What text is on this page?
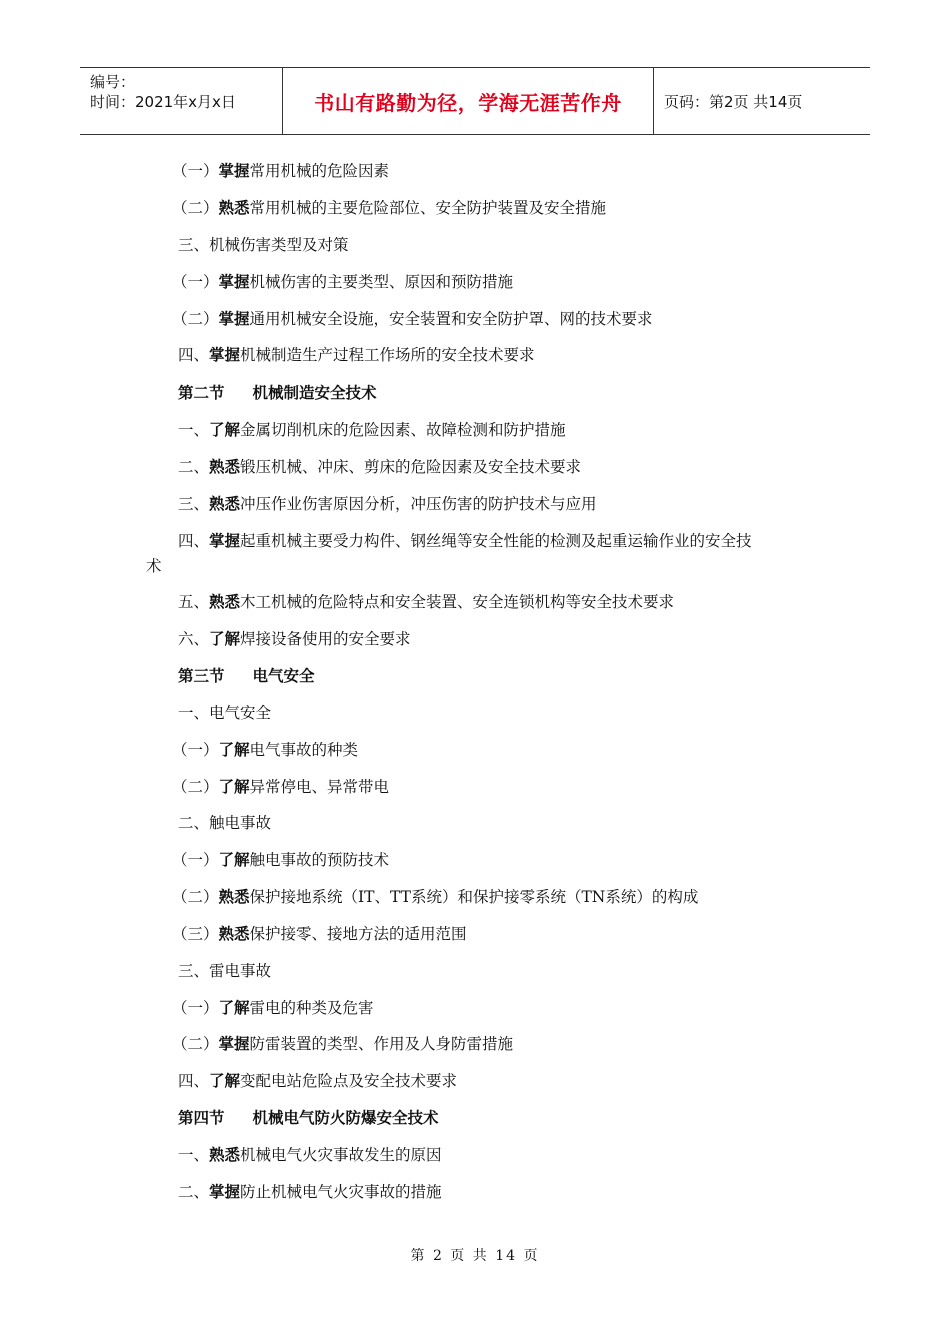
编号：
时间：2021年x月x日	书山有路勤为径，学海无涯苦作舟	页码：第2页 共14页
（一）掌握常用机械的危险因素
（二）熟悉常用机械的主要危险部位、安全防护装置及安全措施
三、机械伤害类型及对策
（一）掌握机械伤害的主要类型、原因和预防措施
（二）掌握通用机械安全设施，安全装置和安全防护罩、网的技术要求
四、掌握机械制造生产过程工作场所的安全技术要求
第二节 机械制造安全技术
一、了解金属切削机床的危险因素、故障检测和防护措施
二、熟悉锻压机械、冲床、剪床的危险因素及安全技术要求
三、熟悉冲压作业伤害原因分析，冲压伤害的防护技术与应用
四、掌握起重机械主要受力构件、钢丝绳等安全性能的检测及起重运输作业的安全技
术
五、熟悉木工机械的危险特点和安全装置、安全连锁机构等安全技术要求
六、了解焊接设备使用的安全要求
第三节 电气安全
一、电气安全
（一）了解电气事故的种类
（二）了解异常停电、异常带电
二、触电事故
（一）了解触电事故的预防技术
（二）熟悉保护接地系统（IT、TT系统）和保护接零系统（TN系统）的构成
（三）熟悉保护接零、接地方法的适用范围
三、雷电事故
（一）了解雷电的种类及危害
（二）掌握防雷装置的类型、作用及人身防雷措施
四、了解变配电站危险点及安全技术要求
第四节 机械电气防火防爆安全技术
一、熟悉机械电气火灾事故发生的原因
二、掌握防止机械电气火灾事故的措施
第 2 页 共 14 页
